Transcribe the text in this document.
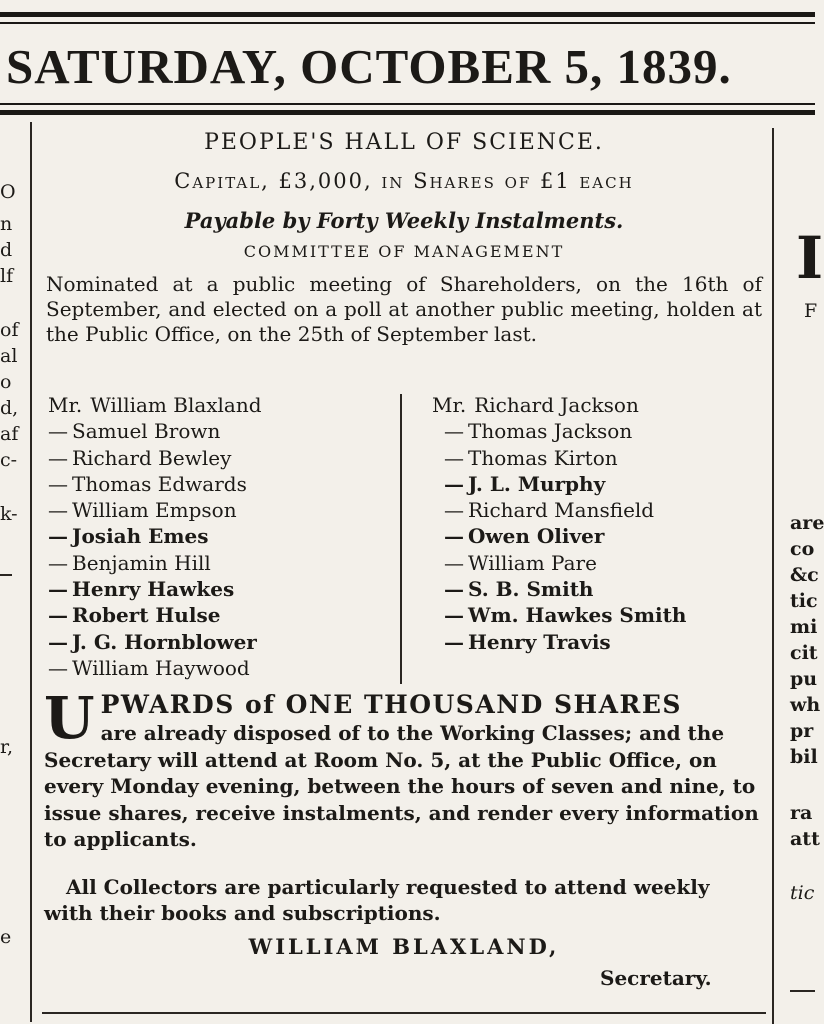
SATURDAY, OCTOBER 5, 1839.
O
n
d
lf
of
al
o
d,
af
c-
k-
r,
e
I
F
are
co
&c
tic
mi
cit
pu
wh
pr
bil
ra
att
tic
PEOPLE'S HALL OF SCIENCE.
Capital, £3,000, in Shares of £1 each
Payable by Forty Weekly Instalments.
COMMITTEE OF MANAGEMENT
Nominated at a public meeting of Shareholders, on the 16th of September, and elected on a poll at another public meeting, holden at the Public Office, on the 25th of September last.
Mr. William Blaxland
— Samuel Brown
— Richard Bewley
— Thomas Edwards
— William Empson
— Josiah Emes
— Benjamin Hill
— Henry Hawkes
— Robert Hulse
— J. G. Hornblower
— William Haywood
Mr. Richard Jackson
— Thomas Jackson
— Thomas Kirton
— J. L. Murphy
— Richard Mansfield
— Owen Oliver
— William Pare
— S. B. Smith
— Wm. Hawkes Smith
— Henry Travis
U PWARDS of ONE THOUSAND SHARES
are already disposed of to the Working Classes; and the Secretary will attend at Room No. 5, at the Public Office, on every Monday evening, between the hours of seven and nine, to issue shares, receive instalments, and render every information to applicants.
All Collectors are particularly requested to attend weekly with their books and subscriptions.
WILLIAM BLAXLAND,
Secretary.
